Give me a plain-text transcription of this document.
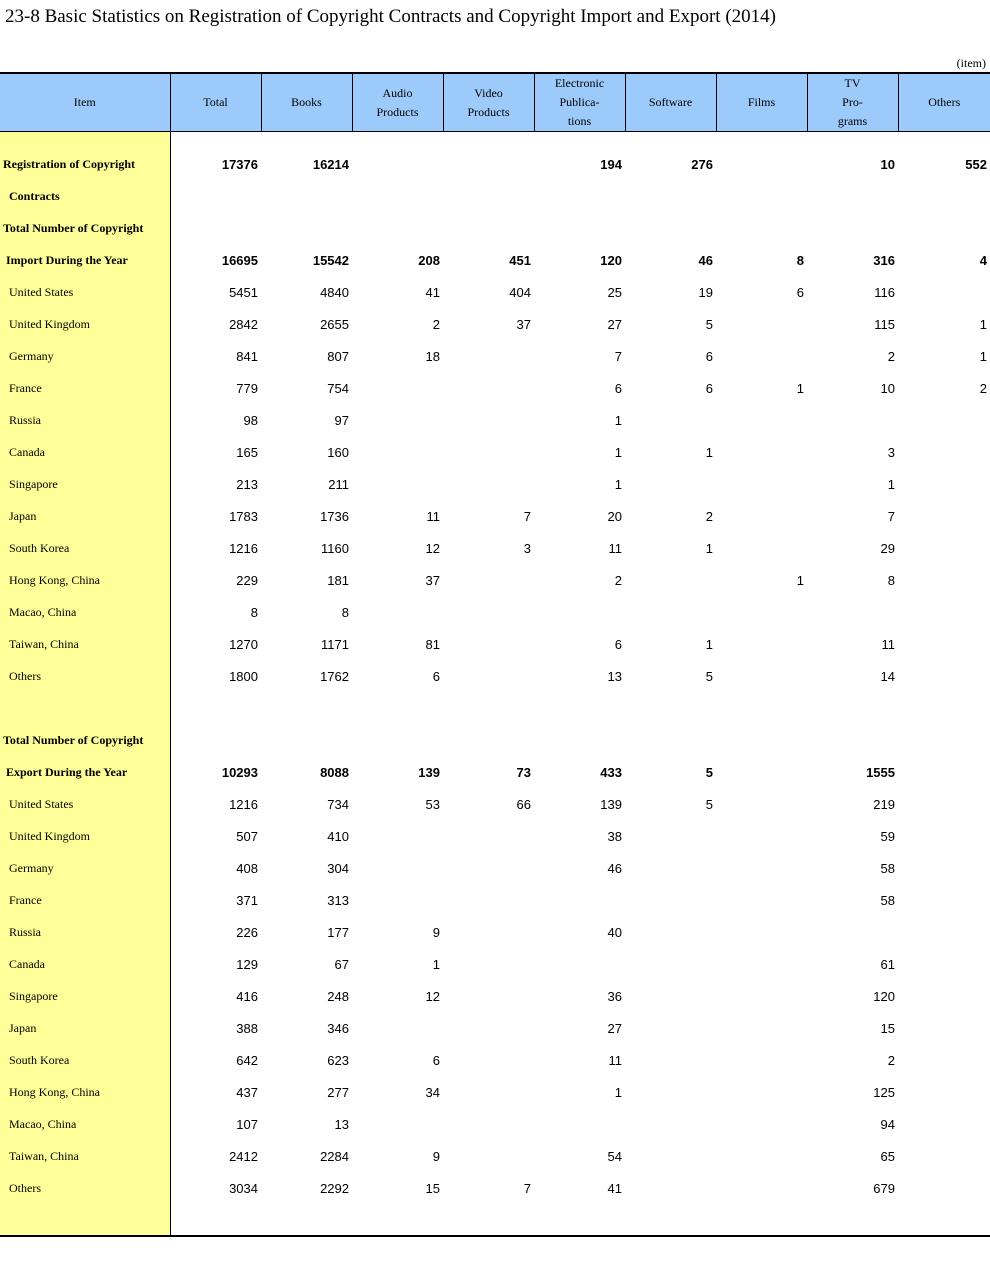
23-8 Basic Statistics on Registration of Copyright Contracts and Copyright Import and Export (2014)
(item)
Item	Total	Books	Audio
Products	Video
Products	Electronic
Publica-
tions	Software	Films	TV
Pro-
grams	Others

Registration of Copyright	17376	16214			194	276		10	552
Contracts									
Total Number of Copyright									
Import During the Year	16695	15542	208	451	120	46	8	316	4
United States	5451	4840	41	404	25	19	6	116	
United Kingdom	2842	2655	2	37	27	5		115	1
Germany	841	807	18		7	6		2	1
France	779	754			6	6	1	10	2
Russia	98	97			1				
Canada	165	160			1	1		3	
Singapore	213	211			1			1	
Japan	1783	1736	11	7	20	2		7	
South Korea	1216	1160	12	3	11	1		29	
Hong Kong, China	229	181	37		2		1	8	
Macao, China	8	8							
Taiwan, China	1270	1171	81		6	1		11	
Others	1800	1762	6		13	5		14	

Total Number of Copyright									
Export During the Year	10293	8088	139	73	433	5		1555	
United States	1216	734	53	66	139	5		219	
United Kingdom	507	410			38			59	
Germany	408	304			46			58	
France	371	313						58	
Russia	226	177	9		40				
Canada	129	67	1					61	
Singapore	416	248	12		36			120	
Japan	388	346			27			15	
South Korea	642	623	6		11			2	
Hong Kong, China	437	277	34		1			125	
Macao, China	107	13						94	
Taiwan, China	2412	2284	9		54			65	
Others	3034	2292	15	7	41			679	
